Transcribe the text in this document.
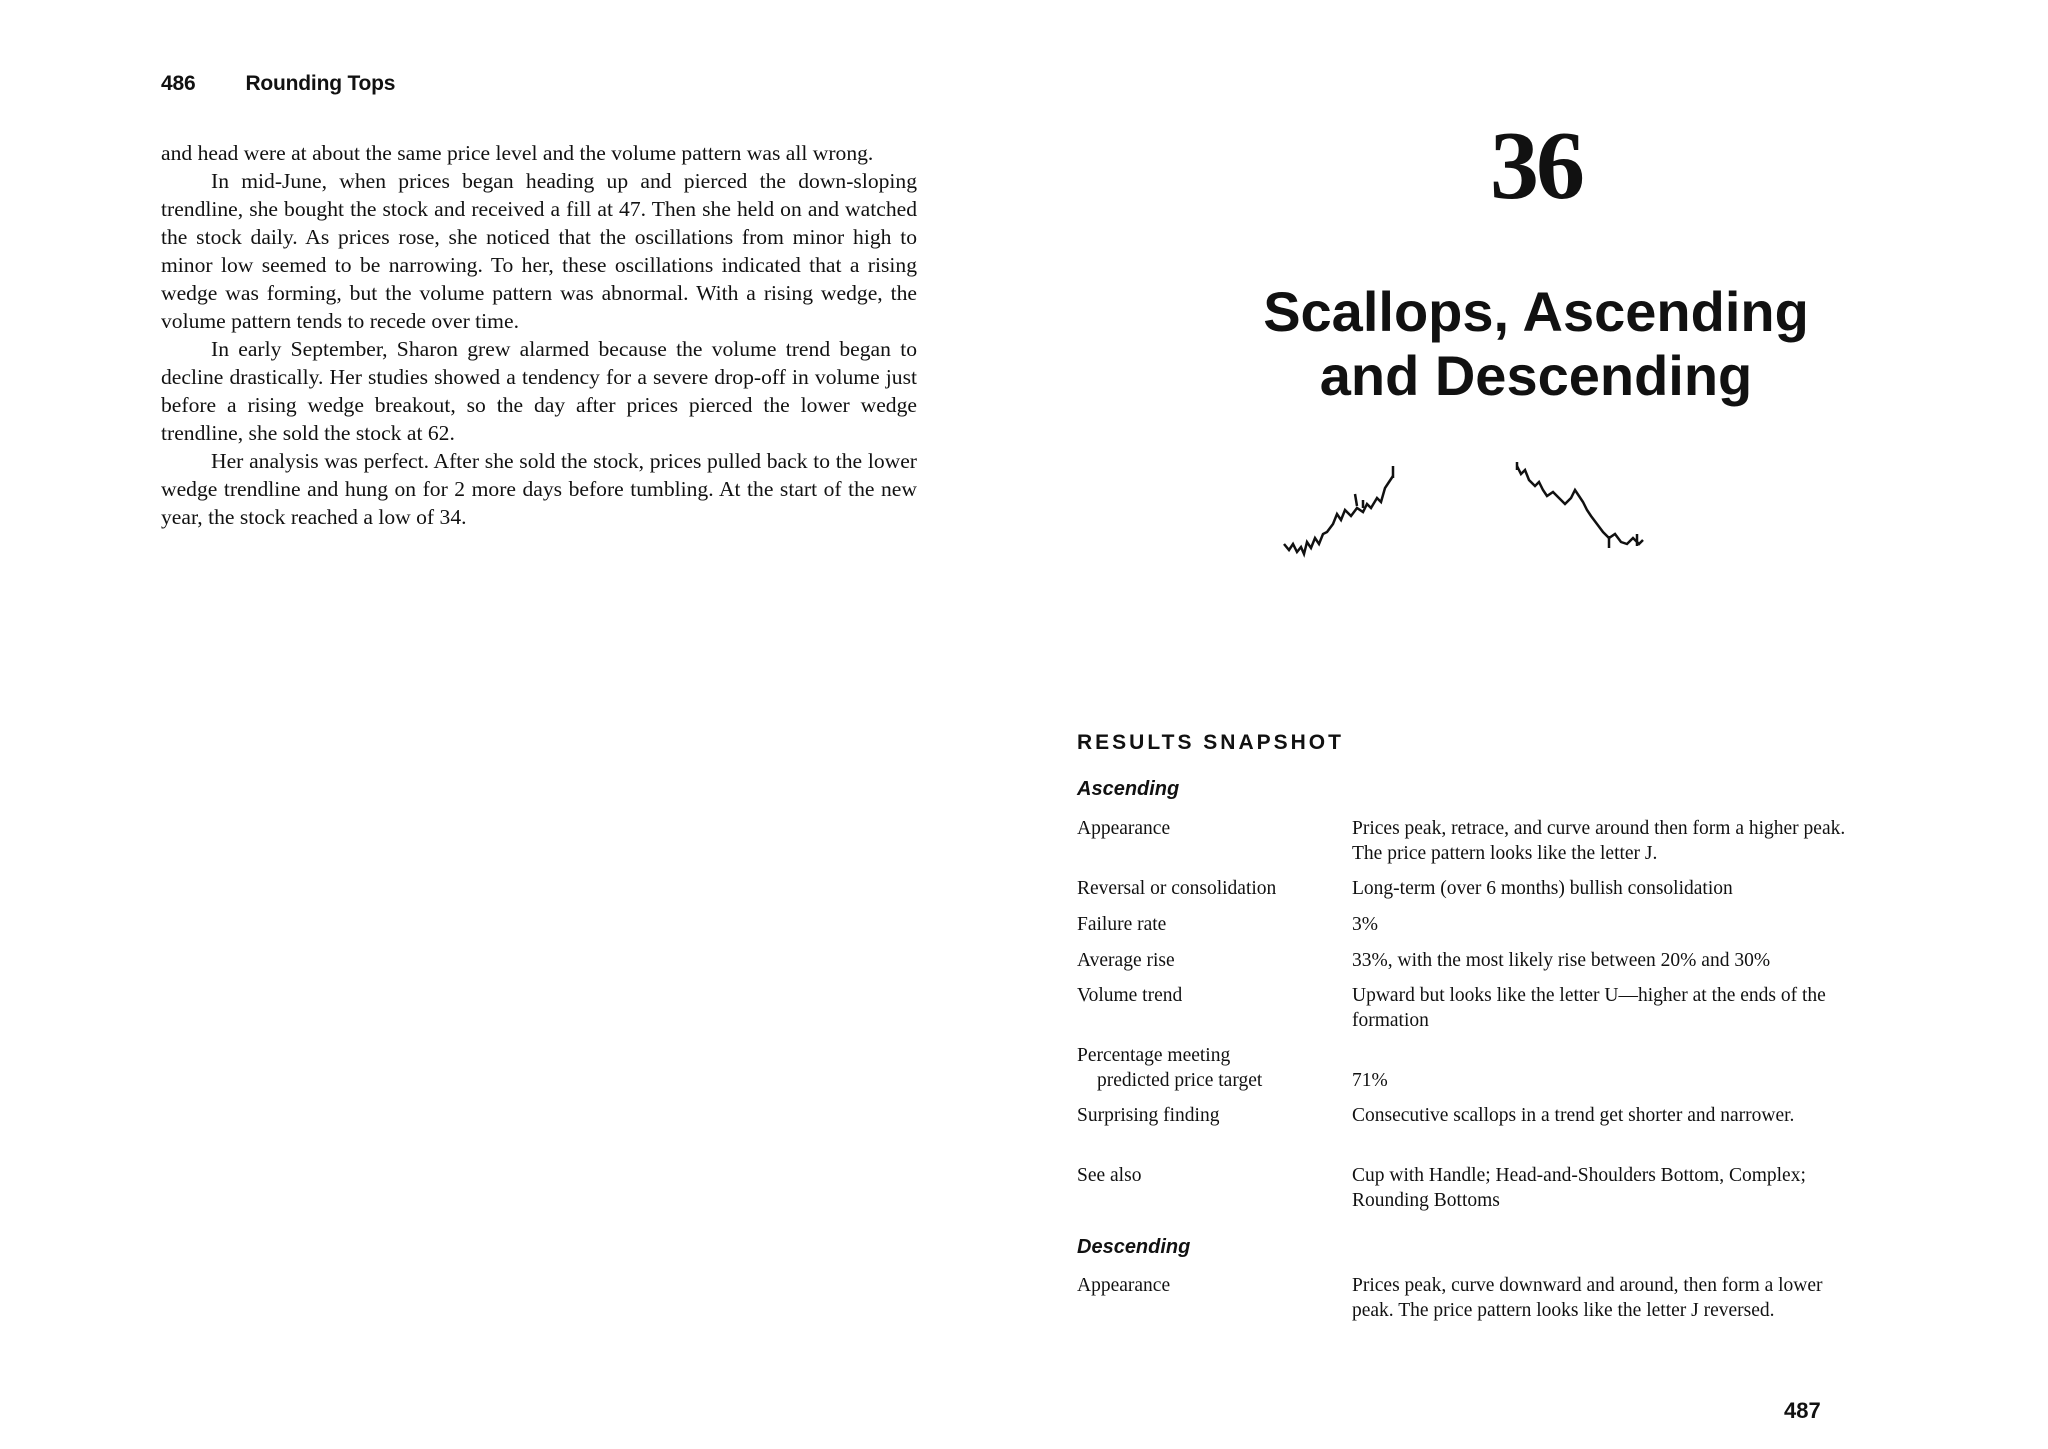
486 Rounding Tops

and head were at about the same price level and the volume pattern was all wrong.

In mid-June, when prices began heading up and pierced the down-sloping trendline, she bought the stock and received a fill at 47. Then she held on and watched the stock daily. As prices rose, she noticed that the oscillations from minor high to minor low seemed to be narrowing. To her, these oscillations indicated that a rising wedge was forming, but the volume pattern was abnormal. With a rising wedge, the volume pattern tends to recede over time.

In early September, Sharon grew alarmed because the volume trend began to decline drastically. Her studies showed a tendency for a severe drop-off in volume just before a rising wedge breakout, so the day after prices pierced the lower wedge trendline, she sold the stock at 62.

Her analysis was perfect. After she sold the stock, prices pulled back to the lower wedge trendline and hung on for 2 more days before tumbling. At the start of the new year, the stock reached a low of 34.

36
Scallops, Ascending
and Descending
RESULTS SNAPSHOT
Ascending
Appearance	Prices peak, retrace, and curve around then form a higher peak. The price pattern looks like the letter J.
Reversal or consolidation	Long-term (over 6 months) bullish consolidation
Failure rate	3%
Average rise	33%, with the most likely rise between 20% and 30%
Volume trend	Upward but looks like the letter U—higher at the ends of the formation
Percentage meeting
predicted price target	71%
Surprising finding	Consecutive scallops in a trend get shorter and narrower.
See also	Cup with Handle; Head-and-Shoulders Bottom, Complex; Rounding Bottoms
Descending
Appearance	Prices peak, curve downward and around, then form a lower peak. The price pattern looks like the letter J reversed.
487
